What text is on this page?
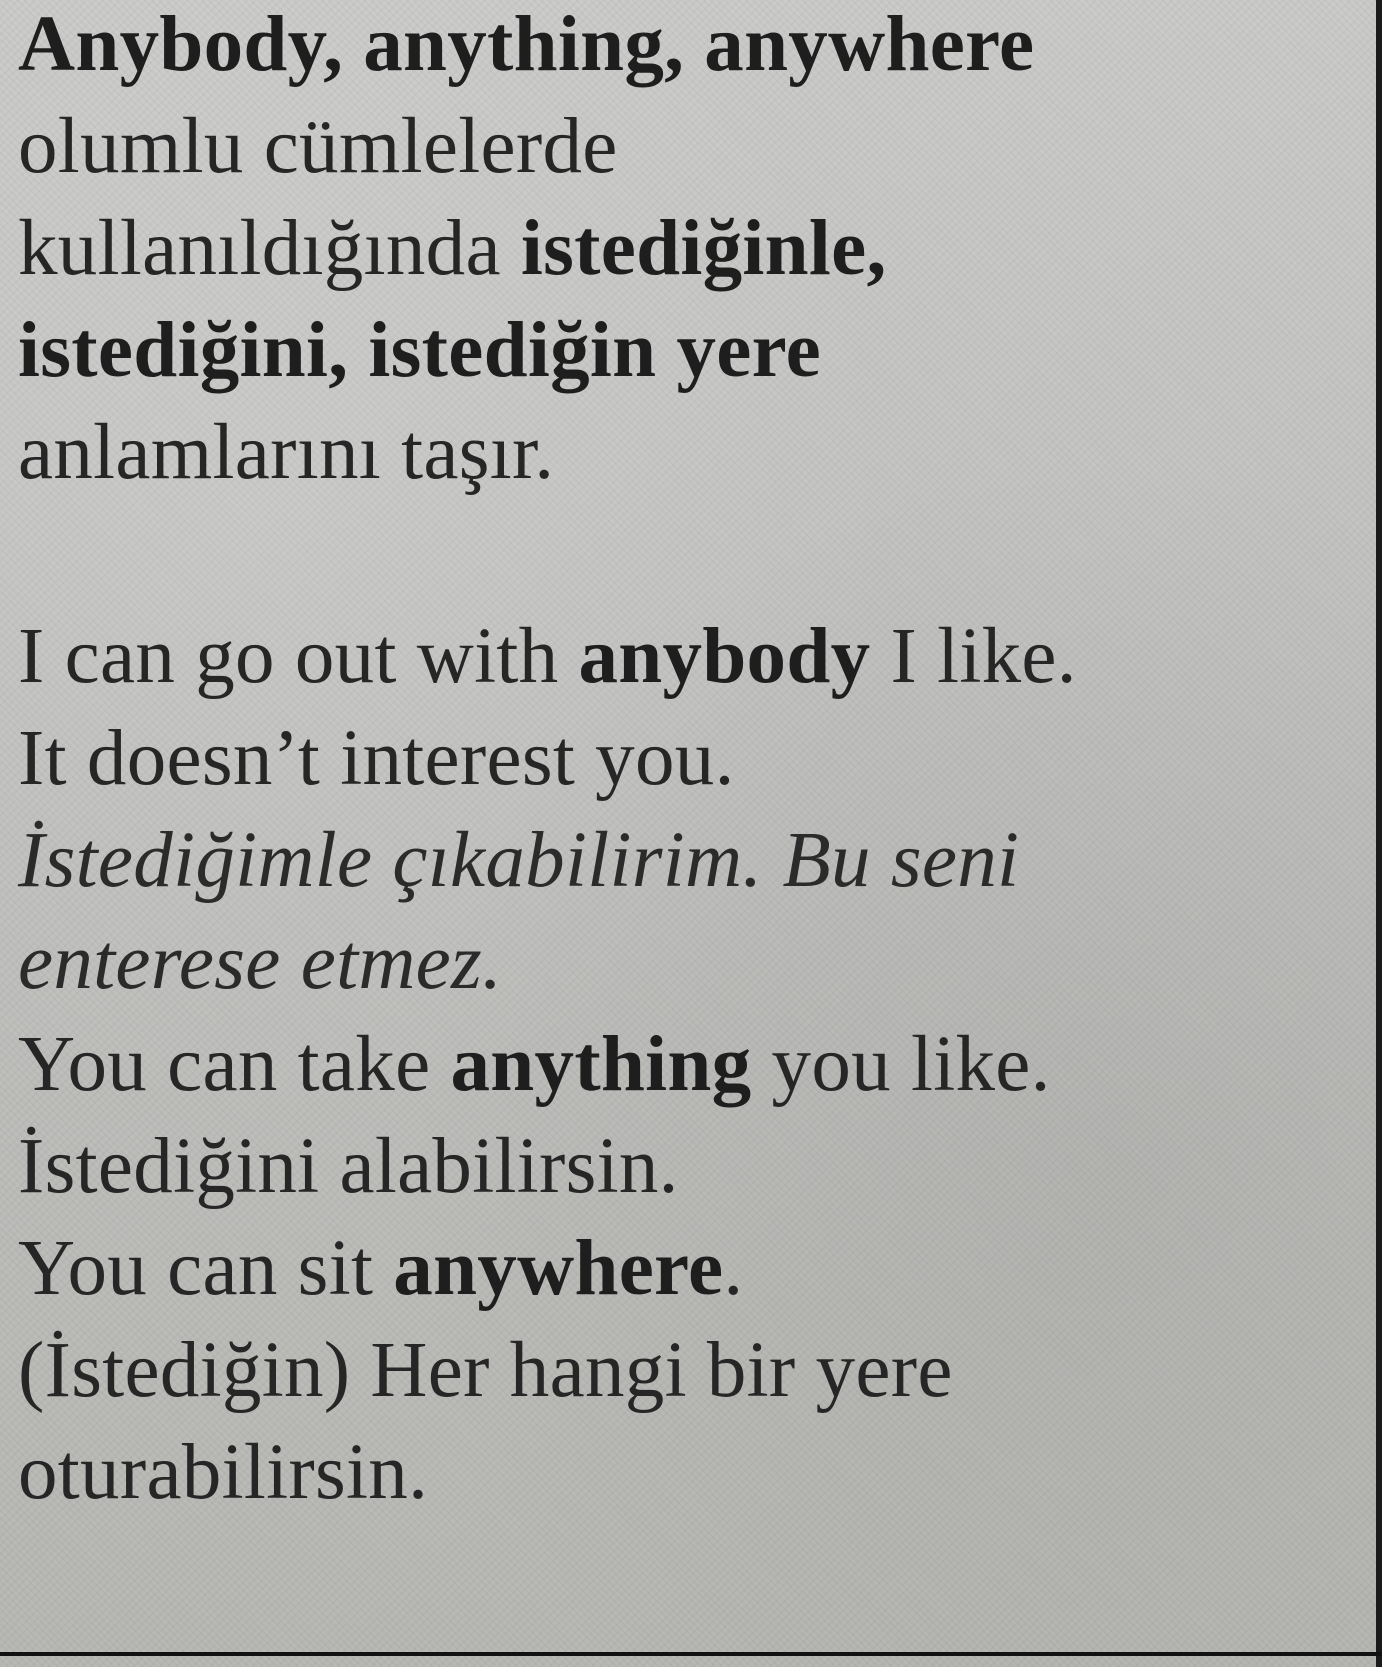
Anybody, anything, anywhere
olumlu cümlelerde
kullanıldığında istediğinle,
istediğini, istediğin yere
anlamlarını taşır.
I can go out with anybody I like.
It doesn’t interest you.
İstediğimle çıkabilirim. Bu seni
enterese etmez.
You can take anything you like.
İstediğini alabilirsin.
You can sit anywhere.
(İstediğin) Her hangi bir yere
oturabilirsin.
